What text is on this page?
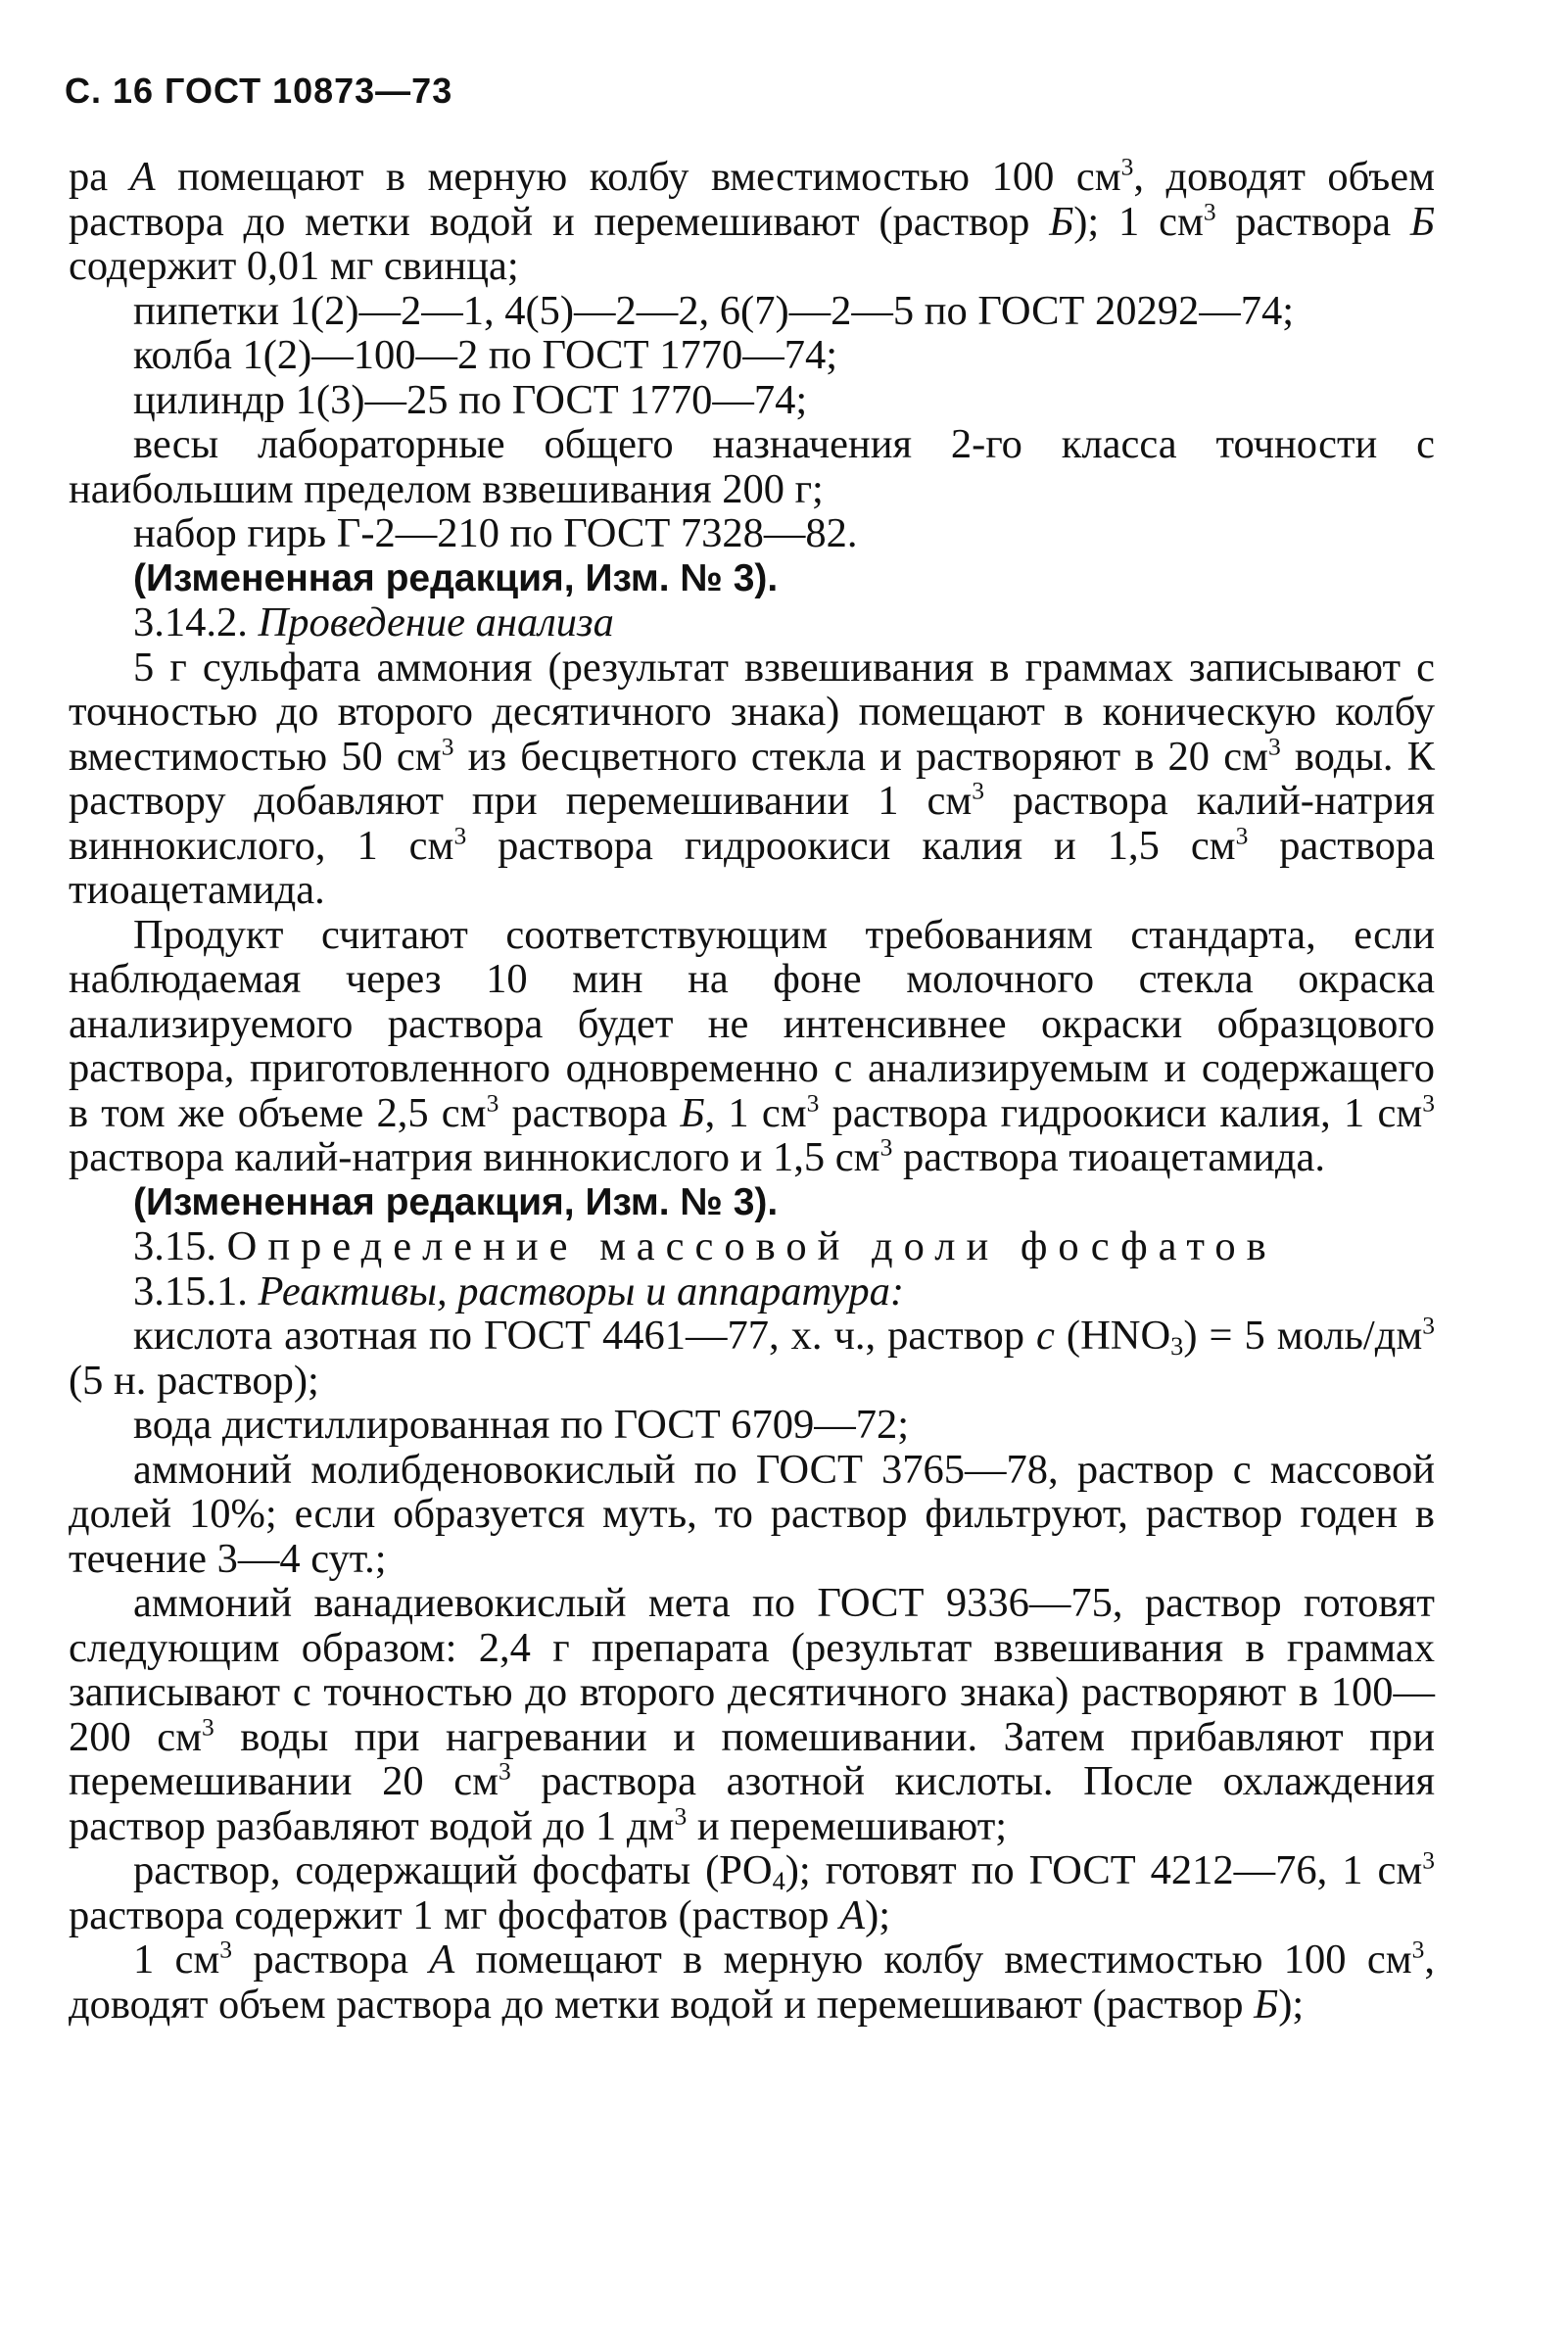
С. 16 ГОСТ 10873—73

ра А помещают в мерную колбу вместимостью 100 $см^3$, доводят объем раствора до метки водой и перемешивают (раствор Б); 1 $см^3$ раствора Б содержит 0,01 мг свинца;

пипетки 1(2)—2—1, 4(5)—2—2, 6(7)—2—5 по ГОСТ 20292—74;

колба 1(2)—100—2 по ГОСТ 1770—74;

цилиндр 1(3)—25 по ГОСТ 1770—74;

весы лабораторные общего назначения 2-го класса точности с наибольшим пределом взвешивания 200 г;

набор гирь Г-2—210 по ГОСТ 7328—82.

(Измененная редакция, Изм. № 3).

3.14.2. Проведение анализа

5 г сульфата аммония (результат взвешивания в граммах записывают с точностью до второго десятичного знака) помещают в коническую колбу вместимостью 50 $см^3$ из бесцветного стекла и растворяют в 20 $см^3$ воды. К раствору добавляют при перемешивании 1 $см^3$ раствора калий-натрия виннокислого, 1 $см^3$ раствора гидроокиси калия и 1,5 $см^3$ раствора тиоацетамида.

Продукт считают соответствующим требованиям стандарта, если наблюдаемая через 10 мин на фоне молочного стекла окраска анализируемого раствора будет не интенсивнее окраски образцового раствора, приготовленного одновременно с анализируемым и содержащего в том же объеме 2,5 $см^3$ раствора Б, 1 $см^3$ раствора гидроокиси калия, 1 $см^3$ раствора калий-натрия виннокислого и 1,5 $см^3$ раствора тиоацетамида.

(Измененная редакция, Изм. № 3).

3.15. Определение массовой доли фосфатов

3.15.1. Реактивы, растворы и аппаратура:

кислота азотная по ГОСТ 4461—77, х. ч., раствор с $(HNO_3) = 5$ моль/$дм^3$ (5 н. раствор);

вода дистиллированная по ГОСТ 6709—72;

аммоний молибденовокислый по ГОСТ 3765—78, раствор с массовой долей 10%; если образуется муть, то раствор фильтруют, раствор годен в течение 3—4 сут.;

аммоний ванадиевокислый мета по ГОСТ 9336—75, раствор готовят следующим образом: 2,4 г препарата (результат взвешивания в граммах записывают с точностью до второго десятичного знака) растворяют в 100—200 $см^3$ воды при нагревании и помешивании. Затем прибавляют при перемешивании 20 $см^3$ раствора азотной кислоты. После охлаждения раствор разбавляют водой до 1 $дм^3$ и перемешивают;

раствор, содержащий фосфаты $(PO_4)$; готовят по ГОСТ 4212—76, 1 $см^3$ раствора содержит 1 мг фосфатов (раствор А);

1 $см^3$ раствора А помещают в мерную колбу вместимостью 100 $см^3$, доводят объем раствора до метки водой и перемешивают (раствор Б);
